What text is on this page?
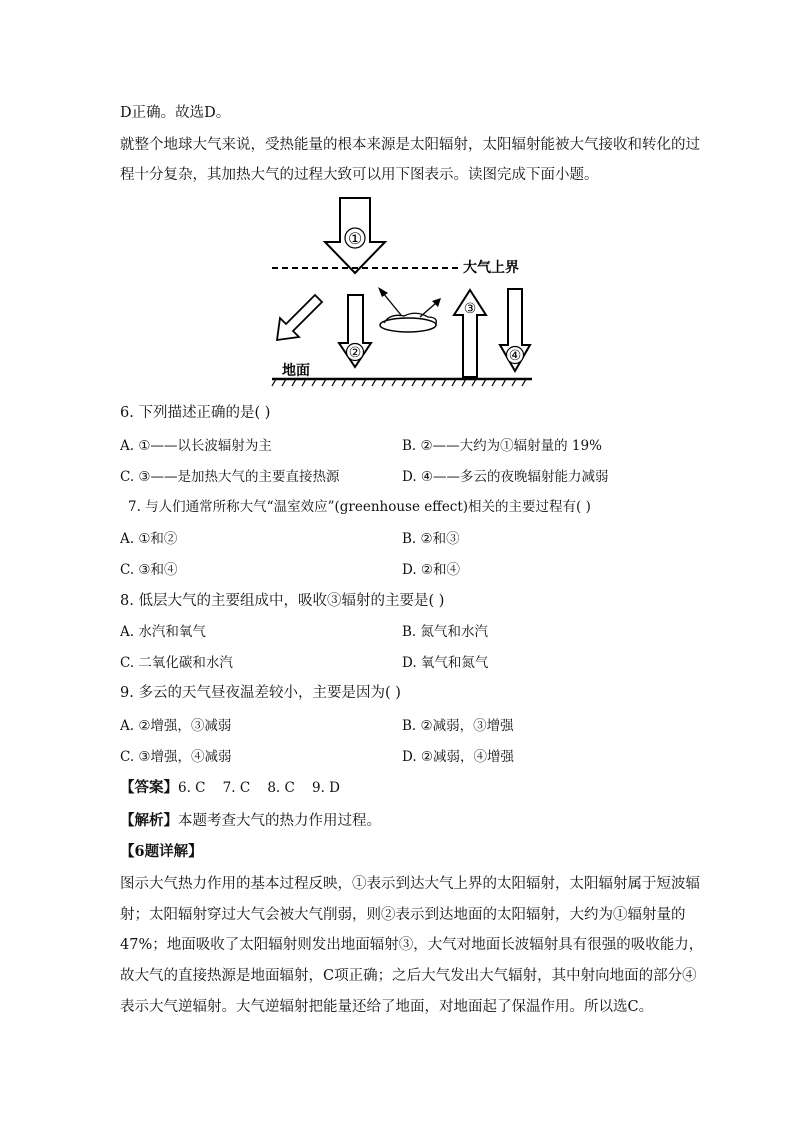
D正确。故选D。
就整个地球大气来说，受热能量的根本来源是太阳辐射，太阳辐射能被大气接收和转化的过
程十分复杂，其加热大气的过程大致可以用下图表示。读图完成下面小题。
①
大气上界
②
③
④
地面
6. 下列描述正确的是( )
A. ①——以长波辐射为主	B. ②——大约为①辐射量的 19%
C. ③——是加热大气的主要直接热源	D. ④——多云的夜晚辐射能力减弱
7. 与人们通常所称大气“温室效应”(greenhouse effect)相关的主要过程有( )
A. ①和②	B. ②和③
C. ③和④	D. ②和④
8. 低层大气的主要组成中，吸收③辐射的主要是( )
A. 水汽和氧气	B. 氮气和水汽
C. 二氧化碳和水汽	D. 氧气和氮气
9. 多云的天气昼夜温差较小，主要是因为( )
A. ②增强，③减弱	B. ②减弱，③增强
C. ③增强，④减弱	D. ②减弱，④增强
【答案】6. C    7. C    8. C    9. D
【解析】本题考查大气的热力作用过程。
【6题详解】
图示大气热力作用的基本过程反映，①表示到达大气上界的太阳辐射，太阳辐射属于短波辐
射；太阳辐射穿过大气会被大气削弱，则②表示到达地面的太阳辐射，大约为①辐射量的
47%；地面吸收了太阳辐射则发出地面辐射③，大气对地面长波辐射具有很强的吸收能力，
故大气的直接热源是地面辐射，C项正确；之后大气发出大气辐射，其中射向地面的部分④
表示大气逆辐射。大气逆辐射把能量还给了地面，对地面起了保温作用。所以选C。
